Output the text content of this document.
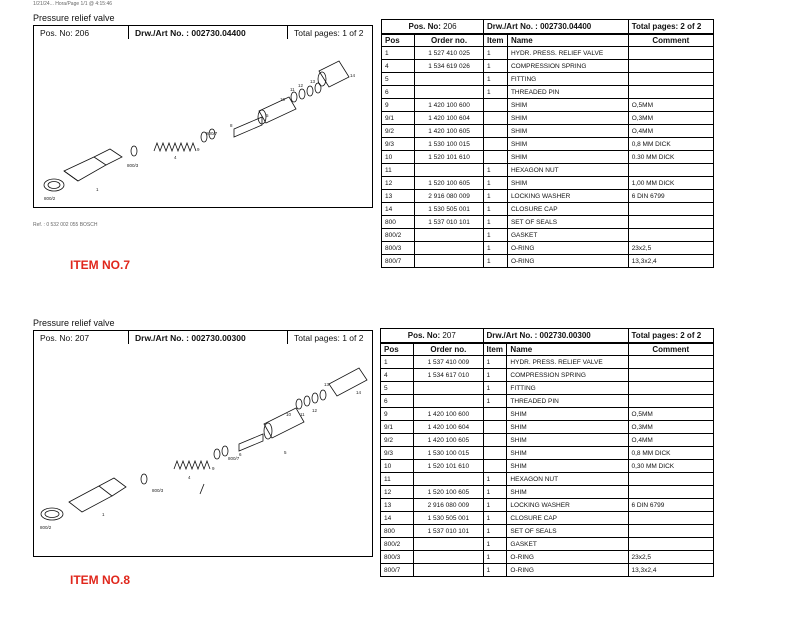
1/21/24... Hora/Page 1/1 @ 4:15:46
Pressure relief valve
Pos. No: 206	Drw./Art No. : 002730.04400	Total pages: 1 of 2
800/2
1
800/3
4
9
800/7
8
5
10
11
12
13
14
Ref. : 0 532 002 055 BOSCH
ITEM NO.7
Pos. No: 206		Drw./Art No. : 002730.04400		Total pages: 2 of 2
Pos	Order no.	Item	Name	Comment
1	1 527 410 025	1	HYDR. PRESS. RELIEF VALVE	
4	1 534 619 026	1	COMPRESSION SPRING	
5		1	FITTING	
6		1	THREADED PIN	
9	1 420 100 600		SHIM	O,5MM
9/1	1 420 100 604		SHIM	O,3MM
9/2	1 420 100 605		SHIM	O,4MM
9/3	1 530 100 015		SHIM	0,8 MM DICK
10	1 520 101 610		SHIM	0.30 MM DICK
11		1	HEXAGON NUT	
12	1 520 100 605	1	SHIM	1,00 MM DICK
13	2 916 080 009	1	LOCKING WASHER	6 DIN 6799
14	1 530 505 001	1	CLOSURE CAP	
800	1 537 010 101	1	SET OF SEALS	
800/2		1	GASKET	
800/3		1	O-RING	23x2,5
800/7		1	O-RING	13,3x2,4
Pressure relief valve
Pos. No: 207	Drw./Art No. : 002730.00300	Total pages: 1 of 2
800/2
1
800/3
4
9
800/7
6	5
10 11
12
13
14
ITEM NO.8
Pos. No: 207		Drw./Art No. : 002730.00300		Total pages: 2 of 2
Pos	Order no.	Item	Name	Comment
1	1 537 410 009	1	HYDR. PRESS. RELIEF VALVE	
4	1 534 617 010	1	COMPRESSION SPRING	
5		1	FITTING	
6		1	THREADED PIN	
9	1 420 100 600		SHIM	O,5MM
9/1	1 420 100 604		SHIM	O,3MM
9/2	1 420 100 605		SHIM	O,4MM
9/3	1 530 100 015		SHIM	0,8 MM DICK
10	1 520 101 610		SHIM	0,30 MM DICK
11		1	HEXAGON NUT	
12	1 520 100 605	1	SHIM	
13	2 916 080 009	1	LOCKING WASHER	6 DIN 6799
14	1 530 505 001	1	CLOSURE CAP	
800	1 537 010 101	1	SET OF SEALS	
800/2		1	GASKET	
800/3		1	O-RING	23x2,5
800/7		1	O-RING	13,3x2,4
